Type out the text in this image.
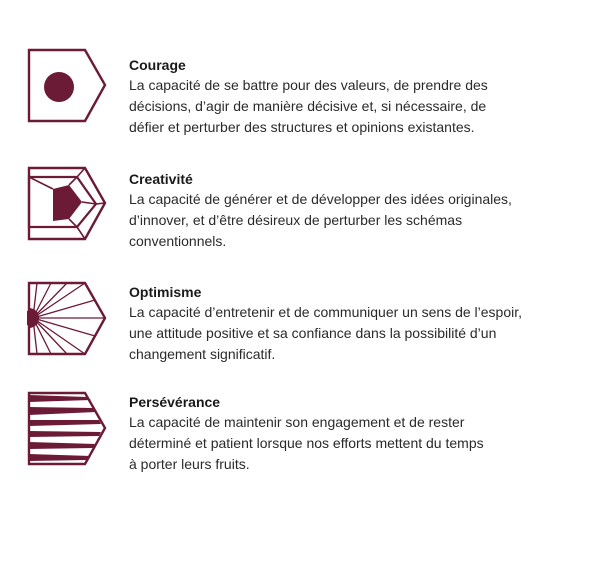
Courage

La capacité de se battre pour des valeurs, de prendre des
décisions, d’agir de manière décisive et, si nécessaire, de
défier et perturber des structures et opinions existantes.

Creativité

La capacité de générer et de développer des idées originales,
d’innover, et d’être désireux de perturber les schémas
conventionnels.

Optimisme

La capacité d’entretenir et de communiquer un sens de l’espoir,
une attitude positive et sa confiance dans la possibilité d’un
changement significatif.

Persévérance

La capacité de maintenir son engagement et de rester
déterminé et patient lorsque nos efforts mettent du temps
à porter leurs fruits.
